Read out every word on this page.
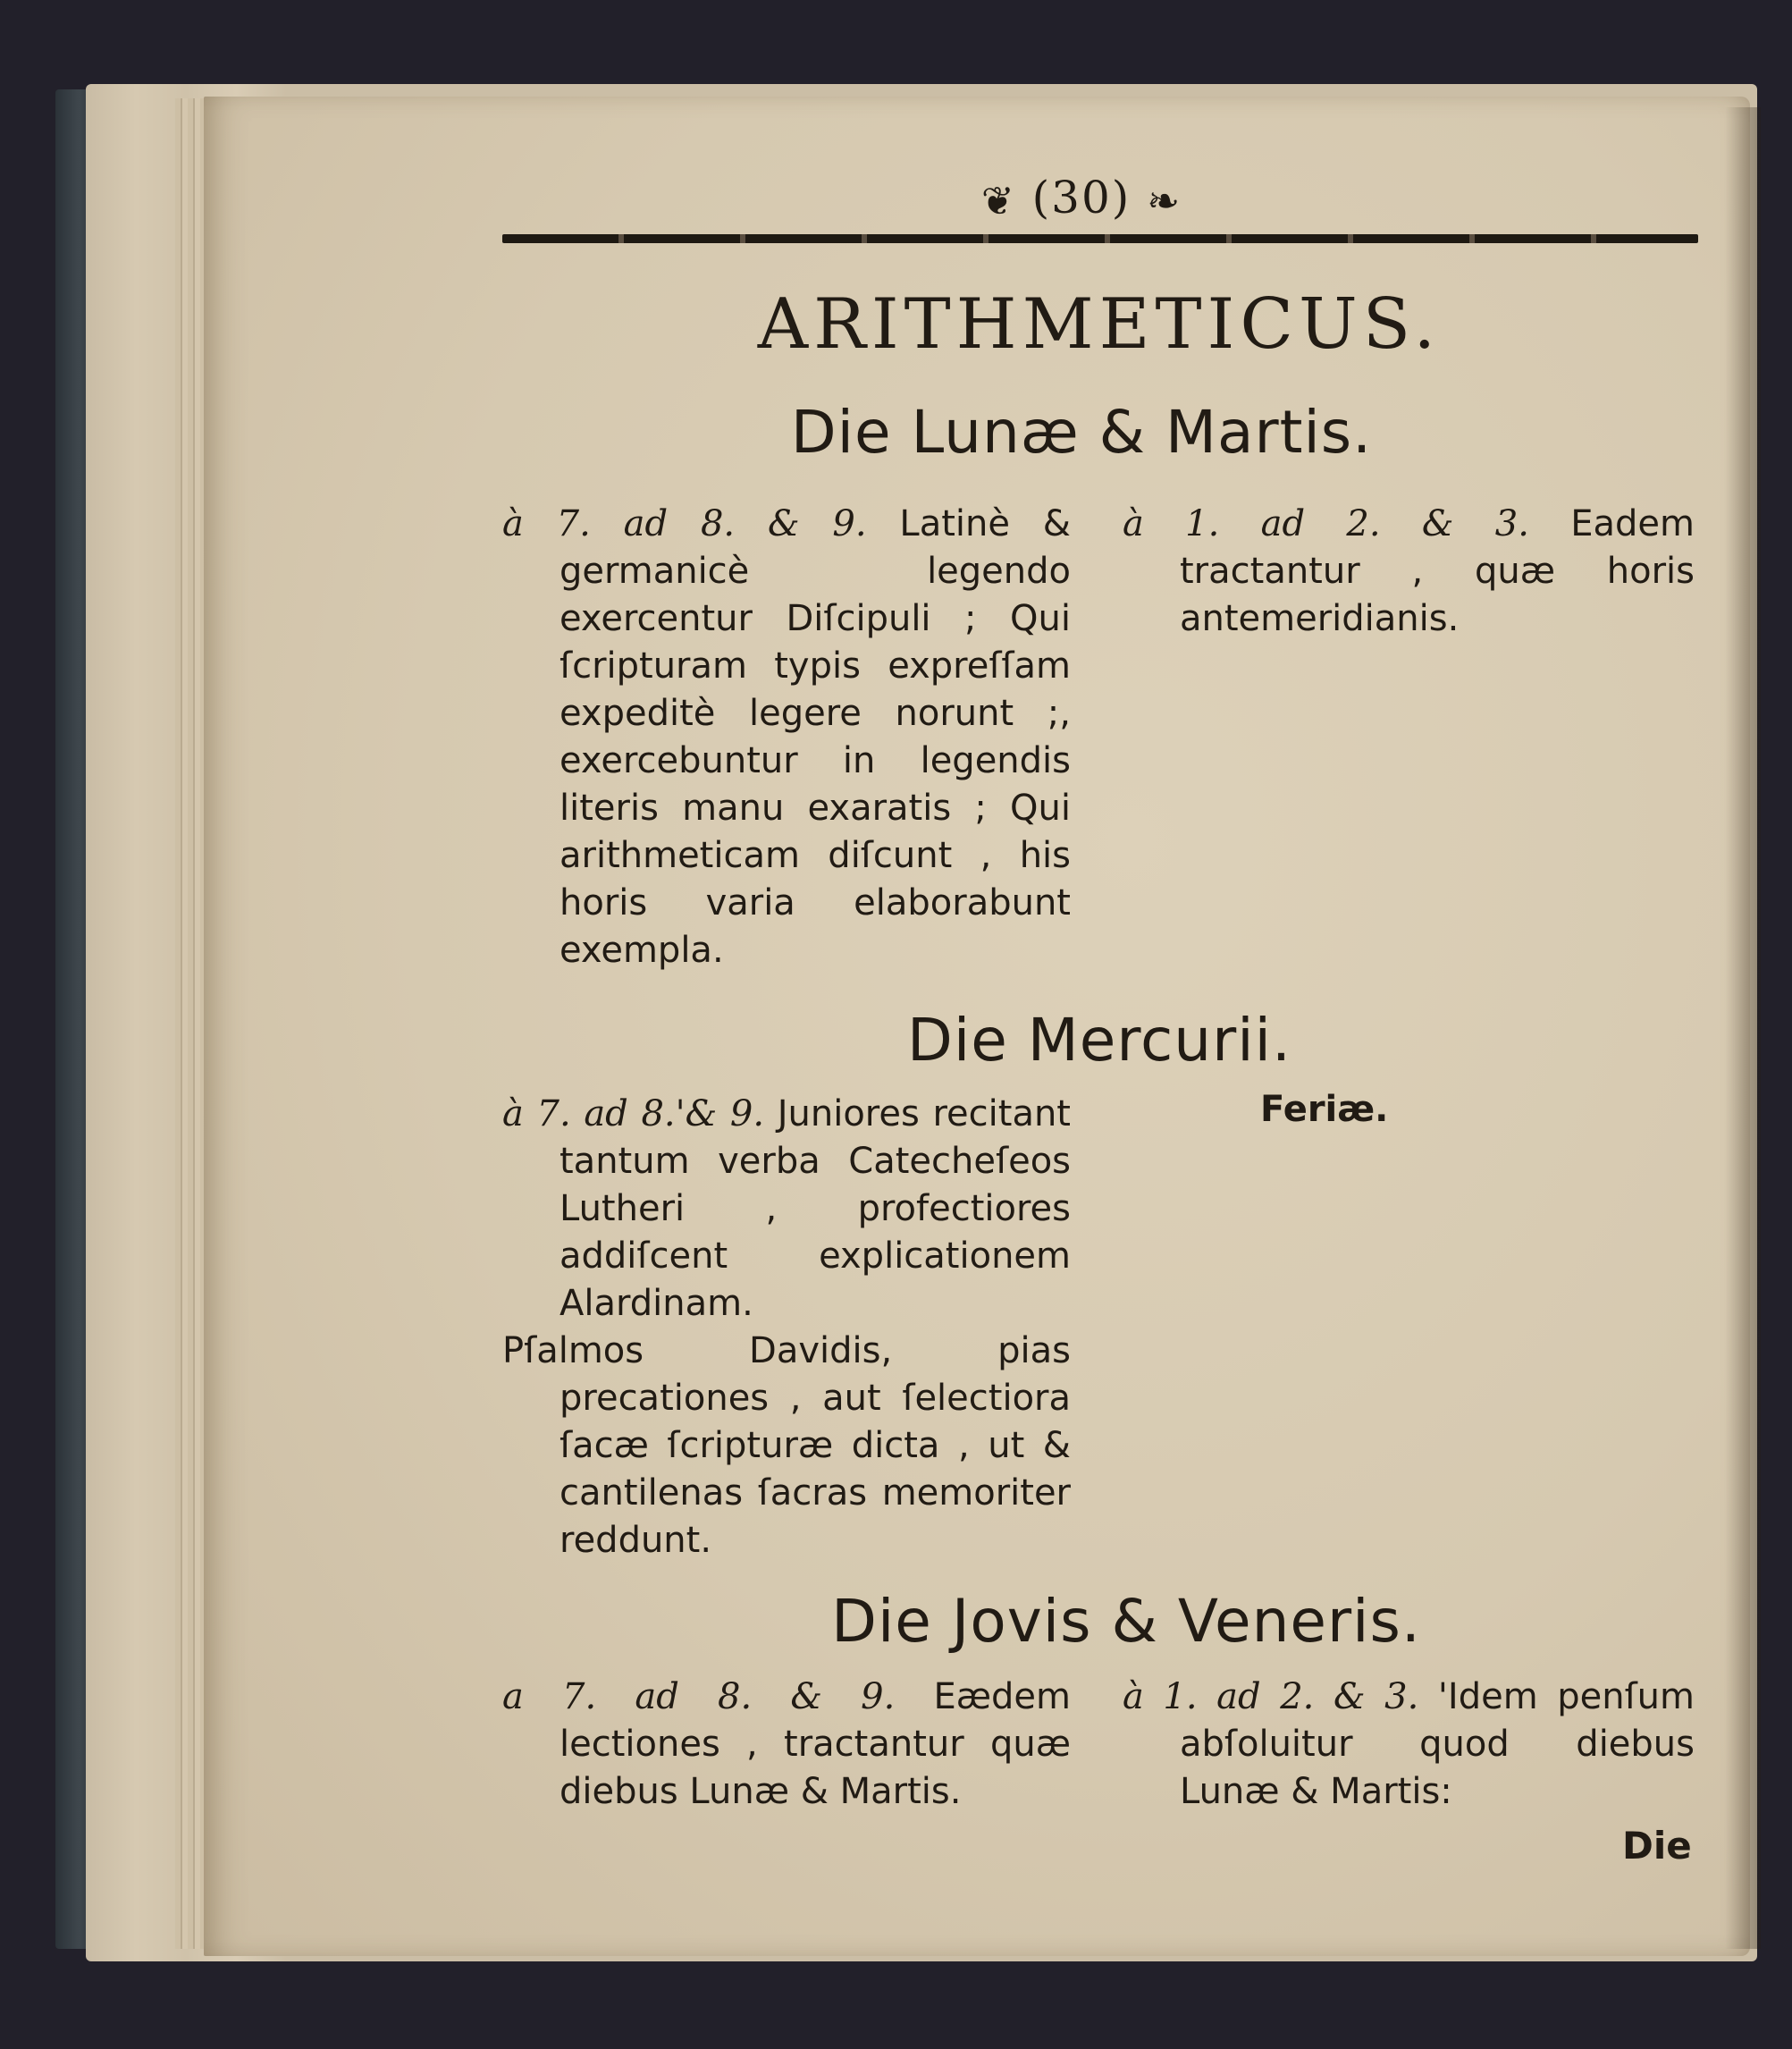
❦ (30) ❧
ARITHMETICUS.
Die Lunæ & Martis.

à 7. ad 8. & 9. Latinè & germanicè legendo exercentur Diſcipuli ; Qui ſcripturam typis expreſſam expeditè legere norunt ;, exercebuntur in legendis literis manu exaratis ; Qui arithmeticam diſcunt , his horis varia elaborabunt exempla.

à 1. ad 2. & 3. Eadem tractantur , quæ horis antemeridianis.

Die Mercurii.

à 7. ad 8.'& 9. Juniores recitant tantum verba Catecheſeos Lutheri , profectiores addiſcent explicationem Alardinam.

Pſalmos Davidis, pias precationes , aut ſelectiora ſacæ ſcripturæ dicta , ut & cantilenas ſacras memoriter reddunt.

Feriæ.
Die Jovis & Veneris.

a 7. ad 8. & 9. Eædem lectiones , tractantur quæ diebus Lunæ & Martis.

à 1. ad 2. & 3. 'Idem penſum abſoluitur quod diebus Lunæ & Martis:

Die
